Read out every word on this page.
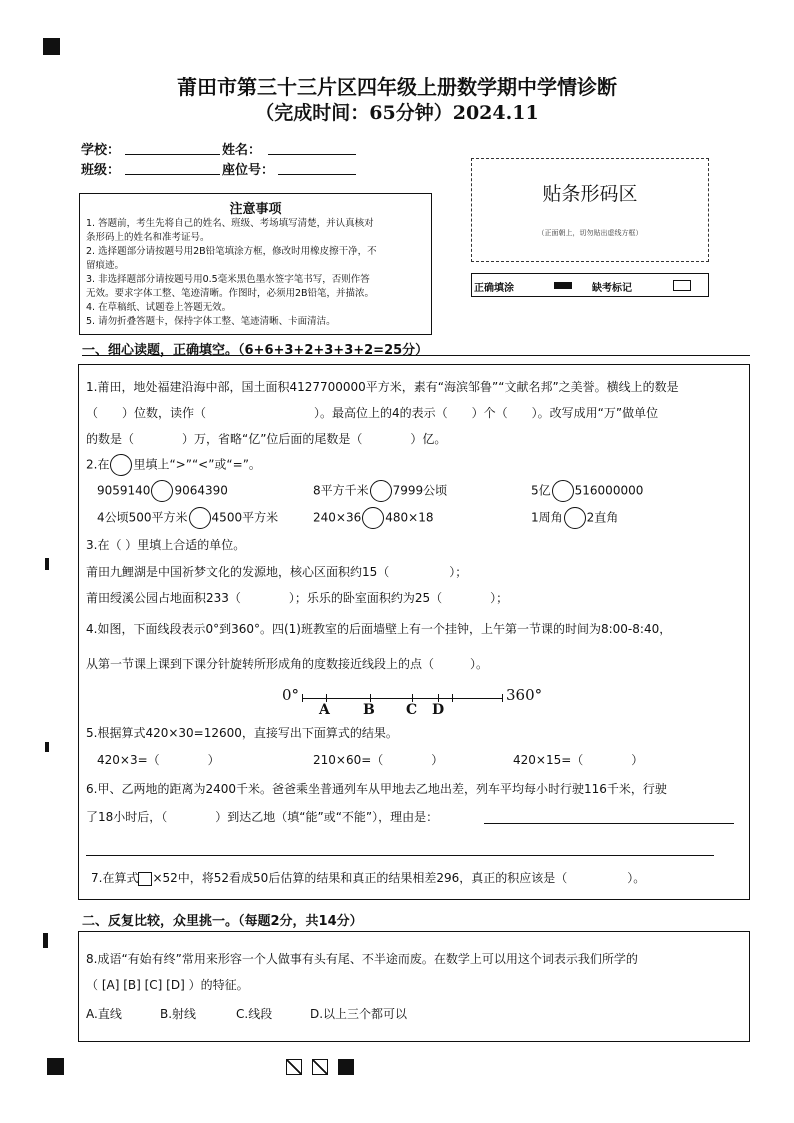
莆田市第三十三片区四年级上册数学期中学情诊断
（完成时间：65分钟）2024.11
学校：	姓名：
班级：	座位号：
注意事项
1. 答题前，考生先将自己的姓名、班级、考场填写清楚，并认真核对
条形码上的姓名和准考证号。
2. 选择题部分请按题号用2B铅笔填涂方框，修改时用橡皮擦干净，不
留痕迹。
3. 非选择题部分请按题号用0.5毫米黑色墨水签字笔书写，否则作答
无效。要求字体工整、笔迹清晰。作图时，必须用2B铅笔，并描浓。
4. 在草稿纸、试题卷上答题无效。
5. 请勿折叠答题卡，保持字体工整、笔迹清晰、卡面清洁。
贴条形码区
（正面朝上，切勿贴出虚线方框）
正确填涂	缺考标记
一、细心读题，正确填空。（6+6+3+2+3+3+2=25分）
1.莆田，地处福建沿海中部，国土面积4127700000平方米，素有“海滨邹鲁”“文献名邦”之美誉。横线上的数是
（　　）位数，读作（　　　　　　　　　）。最高位上的4的表示（　　）个（　　）。改写成用“万”做单位
的数是（　　　　）万，省略“亿”位后面的尾数是（　　　　）亿。
2.在 里填上“>”“<”或“=”。
9059140 9064390	8平方千米 7999公顷	5亿 516000000
4公顷500平方米 4500平方米	240×36 480×18	1周角 2直角
3.在（ ）里填上合适的单位。
莆田九鲤湖是中国祈梦文化的发源地，核心区面积约15（　　　　　）；
莆田绶溪公园占地面积233（　　　　）；乐乐的卧室面积约为25（　　　　）；
4.如图，下面线段表示0°到360°。四(1)班教室的后面墙壁上有一个挂钟，上午第一节课的时间为8:00-8:40，
从第一节课上课到下课分针旋转所形成角的度数接近线段上的点（　　　）。
0°	360°
A B C D
5.根据算式420×30=12600，直接写出下面算式的结果。
420×3=（　　　　）	210×60=（　　　　）	420×15=（　　　　）
6.甲、乙两地的距离为2400千米。爸爸乘坐普通列车从甲地去乙地出差，列车平均每小时行驶116千米，行驶
了18小时后，（　　　　）到达乙地（填“能”或“不能”），理由是：
7.在算式 ×52中，将52看成50后估算的结果和真正的结果相差296，真正的积应该是（　　　　　）。
二、反复比较，众里挑一。（每题2分，共14分）
8.成语“有始有终”常用来形容一个人做事有头有尾、不半途而废。在数学上可以用这个词表示我们所学的
（ [A] [B] [C] [D] ）的特征。
A.直线	B.射线	C.线段	D.以上三个都可以
